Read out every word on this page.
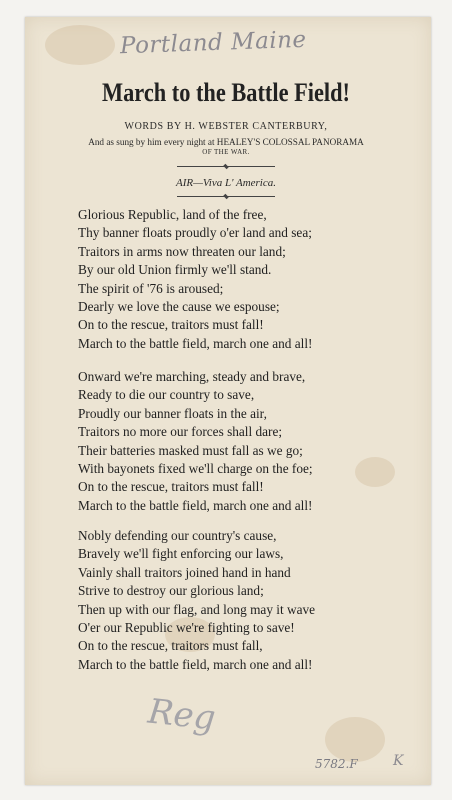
Portland Maine
March to the Battle Field!
WORDS BY H. WEBSTER CANTERBURY,
And as sung by him every night at HEALEY'S COLOSSAL PANORAMA
OF THE WAR.
AIR—Viva L' America.
Glorious Republic, land of the free,
Thy banner floats proudly o'er land and sea;
Traitors in arms now threaten our land;
By our old Union firmly we'll stand.
The spirit of '76 is aroused;
Dearly we love the cause we espouse;
On to the rescue, traitors must fall!
March to the battle field, march one and all!
Onward we're marching, steady and brave,
Ready to die our country to save,
Proudly our banner floats in the air,
Traitors no more our forces shall dare;
Their batteries masked must fall as we go;
With bayonets fixed we'll charge on the foe;
On to the rescue, traitors must fall!
March to the battle field, march one and all!
Nobly defending our country's cause,
Bravely we'll fight enforcing our laws,
Vainly shall traitors joined hand in hand
Strive to destroy our glorious land;
Then up with our flag, and long may it wave
O'er our Republic we're fighting to save!
On to the rescue, traitors must fall,
March to the battle field, march one and all!
Reg
5782.F	K
